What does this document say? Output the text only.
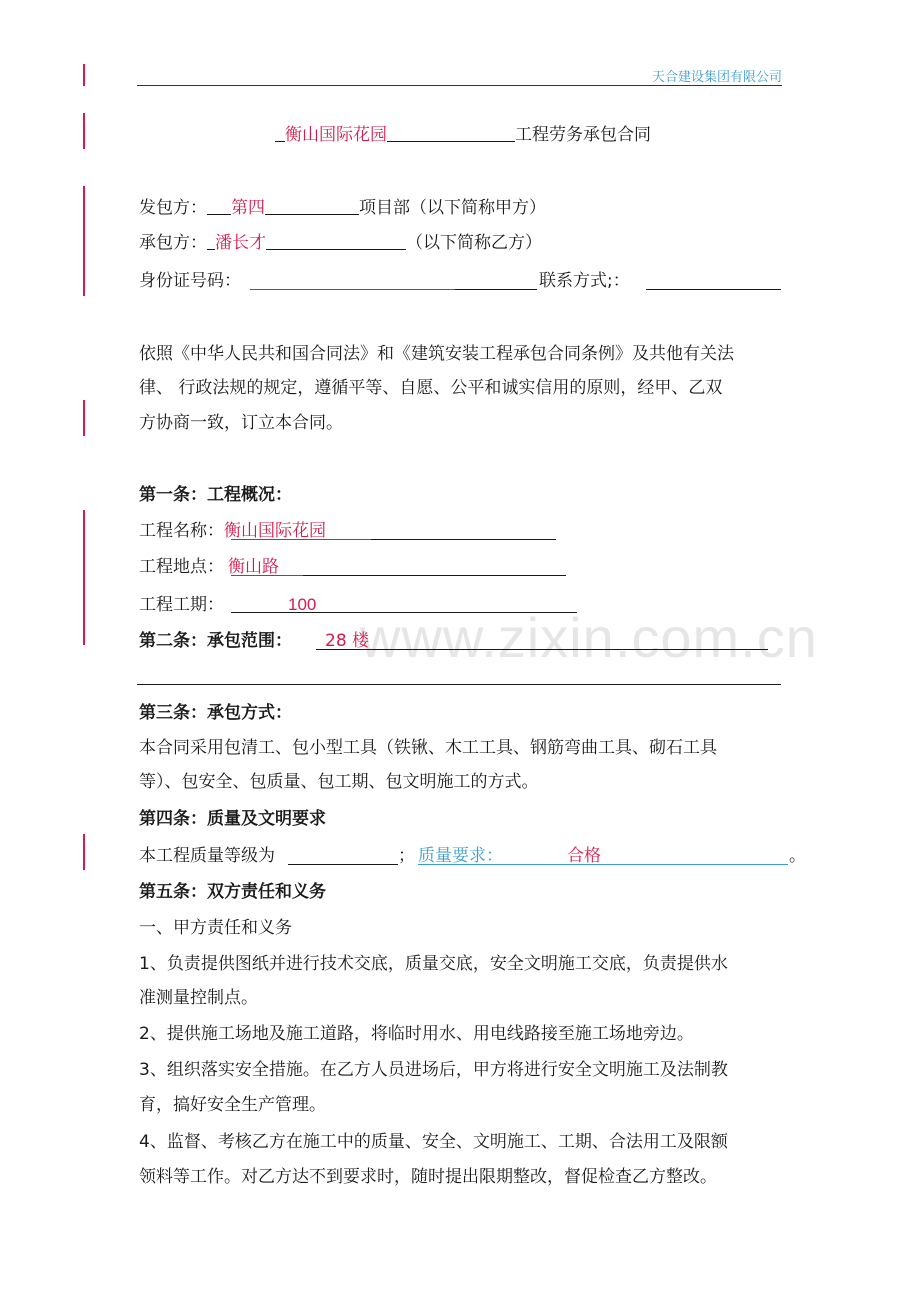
www.zixin.com.cn
天合建设集团有限公司
衡山国际花园	工程劳务承包合同
发包方： 第四	项目部（以下简称甲方）
承包方： 潘长才	（以下简称乙方）
身份证号码：	联系方式;：
依照《中华人民共和国合同法》和《建筑安装工程承包合同条例》及共他有关法
律、 行政法规的规定，遵循平等、自愿、公平和诚实信用的原则，经甲、乙双
方协商一致，订立本合同。
第一条：工程概况：
工程名称：衡山国际花园
工程地点： 衡山路
工程工期：	100
第二条：承包范围： 28 楼
第三条：承包方式：
本合同采用包清工、包小型工具（铁锹、木工工具、钢筋弯曲工具、砌石工具
等）、包安全、包质量、包工期、包文明施工的方式。
第四条：质量及文明要求
本工程质量等级为	； 质量要求：	合格	。
第五条：双方责任和义务
一、甲方责任和义务
1、负责提供图纸并进行技术交底，质量交底，安全文明施工交底，负责提供水
准测量控制点。
2、提供施工场地及施工道路，将临时用水、用电线路接至施工场地旁边。
3、组织落实安全措施。在乙方人员进场后，甲方将进行安全文明施工及法制教
育，搞好安全生产管理。
4、监督、考核乙方在施工中的质量、安全、文明施工、工期、合法用工及限额
领料等工作。对乙方达不到要求时，随时提出限期整改，督促检查乙方整改。
